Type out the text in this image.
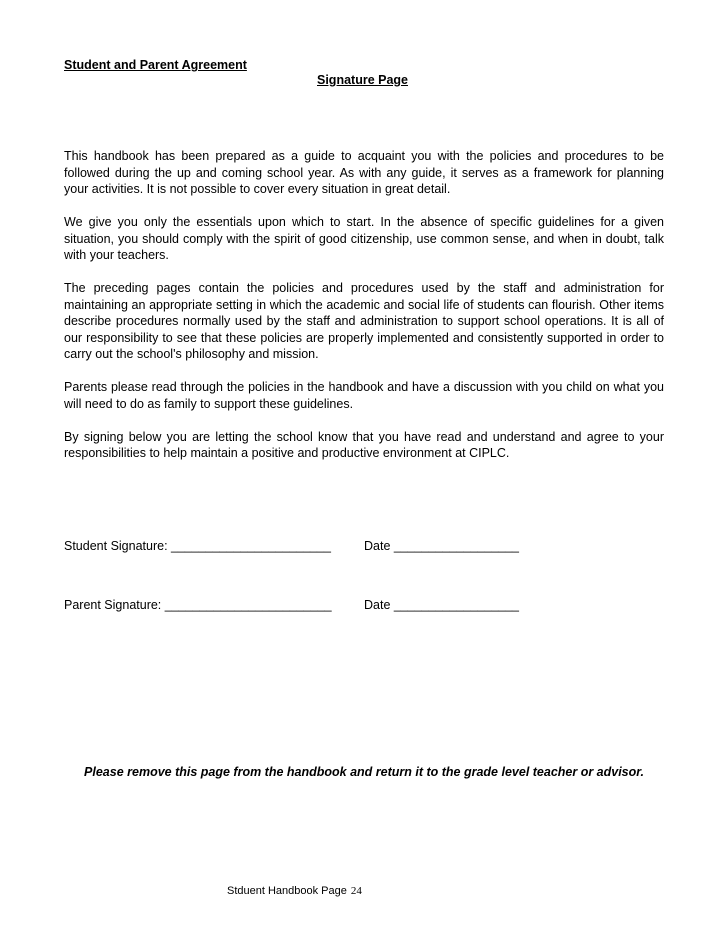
Student and Parent Agreement
Signature Page

This handbook has been prepared as a guide to acquaint you with the policies and procedures to be followed during the up and coming school year. As with any guide, it serves as a framework for planning your activities. It is not possible to cover every situation in great detail.

We give you only the essentials upon which to start. In the absence of specific guidelines for a given situation, you should comply with the spirit of good citizenship, use common sense, and when in doubt, talk with your teachers.

The preceding pages contain the policies and procedures used by the staff and administration for maintaining an appropriate setting in which the academic and social life of students can flourish. Other items describe procedures normally used by the staff and administration to support school operations. It is all of our responsibility to see that these policies are properly implemented and consistently supported in order to carry out the school's philosophy and mission.

Parents please read through the policies in the handbook and have a discussion with you child on what you will need to do as family to support these guidelines.

By signing below you are letting the school know that you have read and understand and agree to your responsibilities to help maintain a positive and productive environment at CIPLC.

Student Signature: _______________________	Date __________________
Parent Signature: ________________________	Date __________________
Please remove this page from the handbook and return it to the grade level teacher or advisor.
Stduent Handbook Page 24
